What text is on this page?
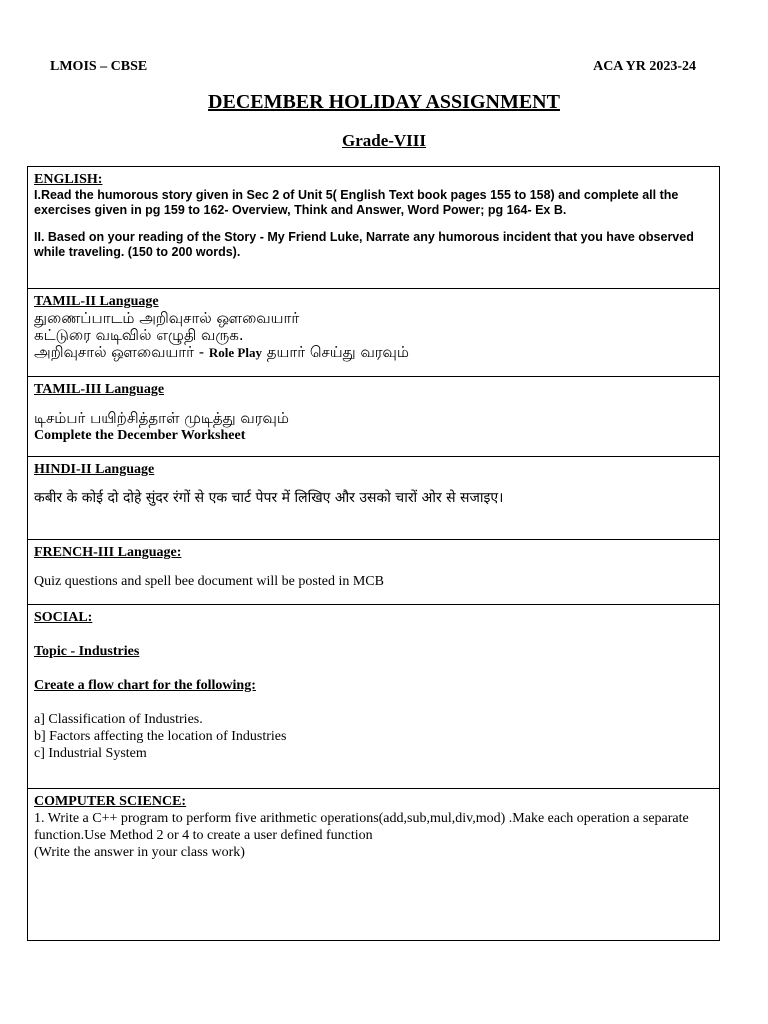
LMOIS – CBSE	ACA YR 2023-24
DECEMBER HOLIDAY ASSIGNMENT
Grade-VIII

ENGLISH:

I.Read the humorous story given in Sec 2 of Unit 5( English Text book pages 155 to 158) and complete all the exercises given in pg 159 to 162- Overview, Think and Answer, Word Power; pg 164- Ex B.

II. Based on your reading of the Story - My Friend Luke, Narrate any humorous incident that you have observed while traveling. (150 to 200 words).

TAMIL-II Language

துணைப்பாடம் அறிவுசால் ஔவையார்

கட்டுரை வடிவில் எழுதி வருக.

அறிவுசால் ஔவையார் - Role Play தயார் செய்து வரவும்

TAMIL-III Language

டிசம்பர் பயிற்சித்தாள் முடித்து வரவும்

Complete the December Worksheet

HINDI-II Language

कबीर के कोई दो दोहे सुंदर रंगों से एक चार्ट पेपर में लिखिए और उसको चारों ओर से सजाइए।

FRENCH-III Language:

Quiz questions and spell bee document will be posted in MCB

SOCIAL:

Topic - Industries

Create a flow chart for the following:

a] Classification of Industries.

b] Factors affecting the location of Industries

c] Industrial System

COMPUTER SCIENCE:

1. Write a C++ program to perform five arithmetic operations(add,sub,mul,div,mod) .Make each operation a separate function.Use Method 2 or 4 to create a user defined function

(Write the answer in your class work)
